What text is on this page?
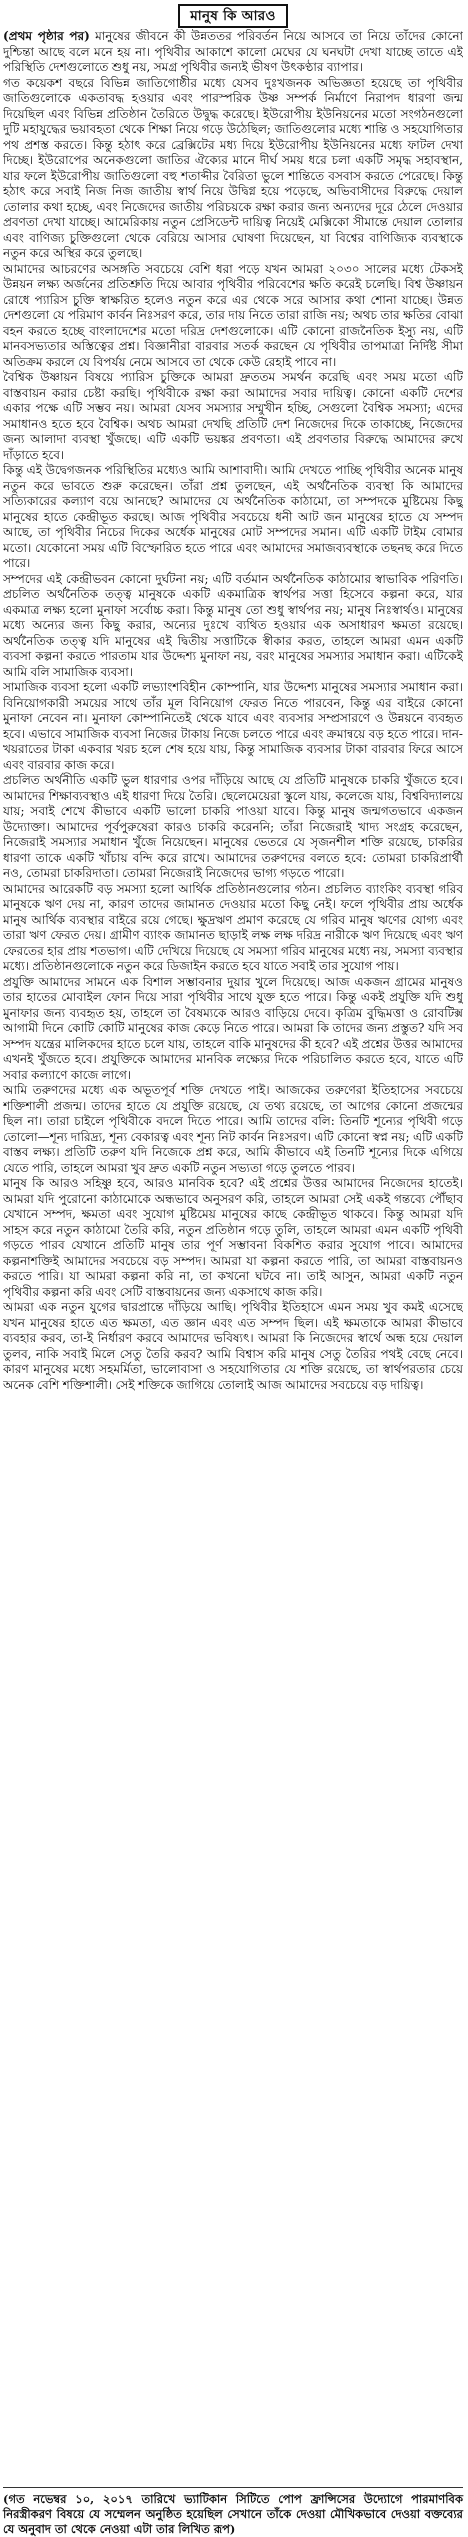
মানুষ কি আরও

(প্রথম পৃষ্ঠার পর) মানুষের জীবনে কী উন্নততর পরিবর্তন নিয়ে আসবে তা নিয়ে তাঁদের কোনো দুশ্চিন্তা আছে বলে মনে হয় না। পৃথিবীর আকাশে কালো মেঘের যে ঘনঘটা দেখা যাচ্ছে তাতে এই পরিস্থিতি দেশগুলোতে শুধু নয়, সমগ্র পৃথিবীর জন্যই ভীষণ উৎকণ্ঠার ব্যাপার।

গত কয়েকশ বছরে বিভিন্ন জাতিগোষ্ঠীর মধ্যে যেসব দুঃখজনক অভিজ্ঞতা হয়েছে তা পৃথিবীর জাতিগুলোকে একতাবদ্ধ হওয়ার এবং পারস্পরিক উষ্ণ সম্পর্ক নির্মাণে নিরাপদ ধারণা জন্ম দিয়েছিল এবং বিভিন্ন প্রতিষ্ঠান তৈরিতে উদ্বুদ্ধ করেছে। ইউরোপীয় ইউনিয়নের মতো সংগঠনগুলো দুটি মহাযুদ্ধের ভয়াবহতা থেকে শিক্ষা নিয়ে গড়ে উঠেছিল; জাতিগুলোর মধ্যে শান্তি ও সহযোগিতার পথ প্রশস্ত করতে। কিন্তু হঠাৎ করে ব্রেক্সিটের মধ্য দিয়ে ইউরোপীয় ইউনিয়নের মধ্যে ফাটল দেখা দিচ্ছে। ইউরোপের অনেকগুলো জাতির ঐক্যের মানে দীর্ঘ সময় ধরে চলা একটি সমৃদ্ধ সহাবস্থান, যার ফলে ইউরোপীয় জাতিগুলো বহু শতাব্দীর বৈরিতা ভুলে শান্তিতে বসবাস করতে পেরেছে। কিন্তু হঠাৎ করে সবাই নিজ নিজ জাতীয় স্বার্থ নিয়ে উদ্বিগ্ন হয়ে পড়েছে, অভিবাসীদের বিরুদ্ধে দেয়াল তোলার কথা হচ্ছে, এবং নিজেদের জাতীয় পরিচয়কে রক্ষা করার জন্য অন্যদের দূরে ঠেলে দেওয়ার প্রবণতা দেখা যাচ্ছে। আমেরিকায় নতুন প্রেসিডেন্ট দায়িত্ব নিয়েই মেক্সিকো সীমান্তে দেয়াল তোলার এবং বাণিজ্য চুক্তিগুলো থেকে বেরিয়ে আসার ঘোষণা দিয়েছেন, যা বিশ্বের বাণিজ্যিক ব্যবস্থাকে নতুন করে অস্থির করে তুলছে।

আমাদের আচরণের অসঙ্গতি সবচেয়ে বেশি ধরা পড়ে যখন আমরা ২০৩০ সালের মধ্যে টেকসই উন্নয়ন লক্ষ্য অর্জনের প্রতিশ্রুতি দিয়ে আবার পৃথিবীর পরিবেশের ক্ষতি করেই চলেছি। বিশ্ব উষ্ণায়ন রোধে প্যারিস চুক্তি স্বাক্ষরিত হলেও নতুন করে এর থেকে সরে আসার কথা শোনা যাচ্ছে। উন্নত দেশগুলো যে পরিমাণ কার্বন নিঃসরণ করে, তার দায় নিতে তারা রাজি নয়; অথচ তার ক্ষতির বোঝা বহন করতে হচ্ছে বাংলাদেশের মতো দরিদ্র দেশগুলোকে। এটি কোনো রাজনৈতিক ইস্যু নয়, এটি মানবসভ্যতার অস্তিত্বের প্রশ্ন। বিজ্ঞানীরা বারবার সতর্ক করছেন যে পৃথিবীর তাপমাত্রা নির্দিষ্ট সীমা অতিক্রম করলে যে বিপর্যয় নেমে আসবে তা থেকে কেউ রেহাই পাবে না।

বৈশ্বিক উষ্ণায়ন বিষয়ে প্যারিস চুক্তিকে আমরা দ্রুততম সমর্থন করেছি এবং সময় মতো এটি বাস্তবায়ন করার চেষ্টা করছি। পৃথিবীকে রক্ষা করা আমাদের সবার দায়িত্ব। কোনো একটি দেশের একার পক্ষে এটি সম্ভব নয়। আমরা যেসব সমস্যার সম্মুখীন হচ্ছি, সেগুলো বৈশ্বিক সমস্যা; এদের সমাধানও হতে হবে বৈশ্বিক। অথচ আমরা দেখছি প্রতিটি দেশ নিজেদের দিকে তাকাচ্ছে, নিজেদের জন্য আলাদা ব্যবস্থা খুঁজছে। এটি একটি ভয়ঙ্কর প্রবণতা। এই প্রবণতার বিরুদ্ধে আমাদের রুখে দাঁড়াতে হবে।

কিন্তু এই উদ্বেগজনক পরিস্থিতির মধ্যেও আমি আশাবাদী। আমি দেখতে পাচ্ছি পৃথিবীর অনেক মানুষ নতুন করে ভাবতে শুরু করেছেন। তাঁরা প্রশ্ন তুলছেন, এই অর্থনৈতিক ব্যবস্থা কি আমাদের সত্যিকারের কল্যাণ বয়ে আনছে? আমাদের যে অর্থনৈতিক কাঠামো, তা সম্পদকে মুষ্টিমেয় কিছু মানুষের হাতে কেন্দ্রীভূত করছে। আজ পৃথিবীর সবচেয়ে ধনী আট জন মানুষের হাতে যে সম্পদ আছে, তা পৃথিবীর নিচের দিকের অর্ধেক মানুষের মোট সম্পদের সমান। এটি একটি টাইম বোমার মতো। যেকোনো সময় এটি বিস্ফোরিত হতে পারে এবং আমাদের সমাজব্যবস্থাকে তছনছ করে দিতে পারে।

সম্পদের এই কেন্দ্রীভবন কোনো দুর্ঘটনা নয়; এটি বর্তমান অর্থনৈতিক কাঠামোর স্বাভাবিক পরিণতি। প্রচলিত অর্থনৈতিক তত্ত্ব মানুষকে একটি একমাত্রিক স্বার্থপর সত্তা হিসেবে কল্পনা করে, যার একমাত্র লক্ষ্য হলো মুনাফা সর্বোচ্চ করা। কিন্তু মানুষ তো শুধু স্বার্থপর নয়; মানুষ নিঃস্বার্থও। মানুষের মধ্যে অন্যের জন্য কিছু করার, অন্যের দুঃখে ব্যথিত হওয়ার এক অসাধারণ ক্ষমতা রয়েছে। অর্থনৈতিক তত্ত্ব যদি মানুষের এই দ্বিতীয় সত্তাটিকে স্বীকার করত, তাহলে আমরা এমন একটি ব্যবসা কল্পনা করতে পারতাম যার উদ্দেশ্য মুনাফা নয়, বরং মানুষের সমস্যার সমাধান করা। এটিকেই আমি বলি সামাজিক ব্যবসা।

সামাজিক ব্যবসা হলো একটি লভ্যাংশবিহীন কোম্পানি, যার উদ্দেশ্য মানুষের সমস্যার সমাধান করা। বিনিয়োগকারী সময়ের সাথে তাঁর মূল বিনিয়োগ ফেরত নিতে পারবেন, কিন্তু এর বাইরে কোনো মুনাফা নেবেন না। মুনাফা কোম্পানিতেই থেকে যাবে এবং ব্যবসার সম্প্রসারণে ও উন্নয়নে ব্যবহৃত হবে। এভাবে সামাজিক ব্যবসা নিজের টাকায় নিজে চলতে পারে এবং ক্রমান্বয়ে বড় হতে পারে। দান-খয়রাতের টাকা একবার খরচ হলে শেষ হয়ে যায়, কিন্তু সামাজিক ব্যবসার টাকা বারবার ফিরে আসে এবং বারবার কাজ করে।

প্রচলিত অর্থনীতি একটি ভুল ধারণার ওপর দাঁড়িয়ে আছে যে প্রতিটি মানুষকে চাকরি খুঁজতে হবে। আমাদের শিক্ষাব্যবস্থাও এই ধারণা দিয়ে তৈরি। ছেলেমেয়েরা স্কুলে যায়, কলেজে যায়, বিশ্ববিদ্যালয়ে যায়; সবাই শেখে কীভাবে একটি ভালো চাকরি পাওয়া যাবে। কিন্তু মানুষ জন্মগতভাবে একজন উদ্যোক্তা। আমাদের পূর্বপুরুষেরা কারও চাকরি করেননি; তাঁরা নিজেরাই খাদ্য সংগ্রহ করেছেন, নিজেরাই সমস্যার সমাধান খুঁজে নিয়েছেন। মানুষের ভেতরে যে সৃজনশীল শক্তি রয়েছে, চাকরির ধারণা তাকে একটি খাঁচায় বন্দি করে রাখে। আমাদের তরুণদের বলতে হবে: তোমরা চাকরিপ্রার্থী নও, তোমরা চাকরিদাতা। তোমরা নিজেরাই নিজেদের ভাগ্য গড়তে পারো।

আমাদের আরেকটি বড় সমস্যা হলো আর্থিক প্রতিষ্ঠানগুলোর গঠন। প্রচলিত ব্যাংকিং ব্যবস্থা গরিব মানুষকে ঋণ দেয় না, কারণ তাদের জামানত দেওয়ার মতো কিছু নেই। ফলে পৃথিবীর প্রায় অর্ধেক মানুষ আর্থিক ব্যবস্থার বাইরে রয়ে গেছে। ক্ষুদ্রঋণ প্রমাণ করেছে যে গরিব মানুষ ঋণের যোগ্য এবং তারা ঋণ ফেরত দেয়। গ্রামীণ ব্যাংক জামানত ছাড়াই লক্ষ লক্ষ দরিদ্র নারীকে ঋণ দিয়েছে এবং ঋণ ফেরতের হার প্রায় শতভাগ। এটি দেখিয়ে দিয়েছে যে সমস্যা গরিব মানুষের মধ্যে নয়, সমস্যা ব্যবস্থার মধ্যে। প্রতিষ্ঠানগুলোকে নতুন করে ডিজাইন করতে হবে যাতে সবাই তার সুযোগ পায়।

প্রযুক্তি আমাদের সামনে এক বিশাল সম্ভাবনার দুয়ার খুলে দিয়েছে। আজ একজন গ্রামের মানুষও তার হাতের মোবাইল ফোন দিয়ে সারা পৃথিবীর সাথে যুক্ত হতে পারে। কিন্তু একই প্রযুক্তি যদি শুধু মুনাফার জন্য ব্যবহৃত হয়, তাহলে তা বৈষম্যকে আরও বাড়িয়ে দেবে। কৃত্রিম বুদ্ধিমত্তা ও রোবটিক্স আগামী দিনে কোটি কোটি মানুষের কাজ কেড়ে নিতে পারে। আমরা কি তাদের জন্য প্রস্তুত? যদি সব সম্পদ যন্ত্রের মালিকদের হাতে চলে যায়, তাহলে বাকি মানুষদের কী হবে? এই প্রশ্নের উত্তর আমাদের এখনই খুঁজতে হবে। প্রযুক্তিকে আমাদের মানবিক লক্ষ্যের দিকে পরিচালিত করতে হবে, যাতে এটি সবার কল্যাণে কাজে লাগে।

আমি তরুণদের মধ্যে এক অভূতপূর্ব শক্তি দেখতে পাই। আজকের তরুণেরা ইতিহাসের সবচেয়ে শক্তিশালী প্রজন্ম। তাদের হাতে যে প্রযুক্তি রয়েছে, যে তথ্য রয়েছে, তা আগের কোনো প্রজন্মের ছিল না। তারা চাইলে পৃথিবীকে বদলে দিতে পারে। আমি তাদের বলি: তিনটি শূন্যের পৃথিবী গড়ে তোলো—শূন্য দারিদ্র্য, শূন্য বেকারত্ব এবং শূন্য নিট কার্বন নিঃসরণ। এটি কোনো স্বপ্ন নয়; এটি একটি বাস্তব লক্ষ্য। প্রতিটি তরুণ যদি নিজেকে প্রশ্ন করে, আমি কীভাবে এই তিনটি শূন্যের দিকে এগিয়ে যেতে পারি, তাহলে আমরা খুব দ্রুত একটি নতুন সভ্যতা গড়ে তুলতে পারব।

মানুষ কি আরও সহিষ্ণু হবে, আরও মানবিক হবে? এই প্রশ্নের উত্তর আমাদের নিজেদের হাতেই। আমরা যদি পুরোনো কাঠামোকে অন্ধভাবে অনুসরণ করি, তাহলে আমরা সেই একই গন্তব্যে পৌঁছাব যেখানে সম্পদ, ক্ষমতা এবং সুযোগ মুষ্টিমেয় মানুষের কাছে কেন্দ্রীভূত থাকবে। কিন্তু আমরা যদি সাহস করে নতুন কাঠামো তৈরি করি, নতুন প্রতিষ্ঠান গড়ে তুলি, তাহলে আমরা এমন একটি পৃথিবী গড়তে পারব যেখানে প্রতিটি মানুষ তার পূর্ণ সম্ভাবনা বিকশিত করার সুযোগ পাবে। আমাদের কল্পনাশক্তিই আমাদের সবচেয়ে বড় সম্পদ। আমরা যা কল্পনা করতে পারি, তা আমরা বাস্তবায়নও করতে পারি। যা আমরা কল্পনা করি না, তা কখনো ঘটবে না। তাই আসুন, আমরা একটি নতুন পৃথিবীর কল্পনা করি এবং সেটি বাস্তবায়নের জন্য একসাথে কাজ করি।

আমরা এক নতুন যুগের দ্বারপ্রান্তে দাঁড়িয়ে আছি। পৃথিবীর ইতিহাসে এমন সময় খুব কমই এসেছে যখন মানুষের হাতে এত ক্ষমতা, এত জ্ঞান এবং এত সম্পদ ছিল। এই ক্ষমতাকে আমরা কীভাবে ব্যবহার করব, তা-ই নির্ধারণ করবে আমাদের ভবিষ্যৎ। আমরা কি নিজেদের স্বার্থে অন্ধ হয়ে দেয়াল তুলব, নাকি সবাই মিলে সেতু তৈরি করব? আমি বিশ্বাস করি মানুষ সেতু তৈরির পথই বেছে নেবে। কারণ মানুষের মধ্যে সহমর্মিতা, ভালোবাসা ও সহযোগিতার যে শক্তি রয়েছে, তা স্বার্থপরতার চেয়ে অনেক বেশি শক্তিশালী। সেই শক্তিকে জাগিয়ে তোলাই আজ আমাদের সবচেয়ে বড় দায়িত্ব।

(গত নভেম্বর ১০, ২০১৭ তারিখে ভ্যাটিকান সিটিতে পোপ ফ্রান্সিসের উদ্যোগে পারমাণবিক নিরস্ত্রীকরণ বিষয়ে যে সম্মেলন অনুষ্ঠিত হয়েছিল সেখানে তাঁকে দেওয়া মৌখিকভাবে দেওয়া বক্তব্যের যে অনুবাদ তা থেকে নেওয়া এটা তার লিখিত রূপ)
